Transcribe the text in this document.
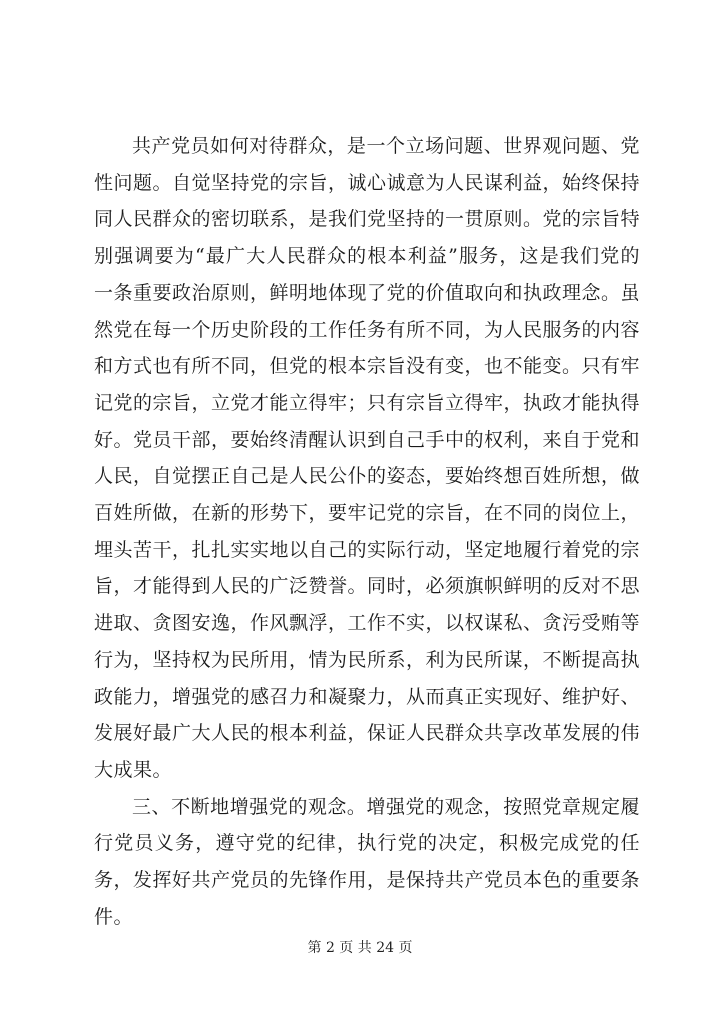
共产党员如何对待群众，是一个立场问题、世界观问题、党性问题。自觉坚持党的宗旨，诚心诚意为人民谋利益，始终保持同人民群众的密切联系，是我们党坚持的一贯原则。党的宗旨特别强调要为“最广大人民群众的根本利益”服务，这是我们党的一条重要政治原则，鲜明地体现了党的价值取向和执政理念。虽然党在每一个历史阶段的工作任务有所不同，为人民服务的内容和方式也有所不同，但党的根本宗旨没有变，也不能变。只有牢记党的宗旨，立党才能立得牢；只有宗旨立得牢，执政才能执得好。党员干部，要始终清醒认识到自己手中的权利，来自于党和人民，自觉摆正自己是人民公仆的姿态，要始终想百姓所想，做百姓所做，在新的形势下，要牢记党的宗旨，在不同的岗位上，埋头苦干，扎扎实实地以自己的实际行动，坚定地履行着党的宗旨，才能得到人民的广泛赞誉。同时，必须旗帜鲜明的反对不思进取、贪图安逸，作风飘浮，工作不实，以权谋私、贪污受贿等行为，坚持权为民所用，情为民所系，利为民所谋，不断提高执政能力，增强党的感召力和凝聚力，从而真正实现好、维护好、发展好最广大人民的根本利益，保证人民群众共享改革发展的伟大成果。

三、不断地增强党的观念。增强党的观念，按照党章规定履行党员义务，遵守党的纪律，执行党的决定，积极完成党的任务，发挥好共产党员的先锋作用，是保持共产党员本色的重要条件。

第 2 页 共 24 页
